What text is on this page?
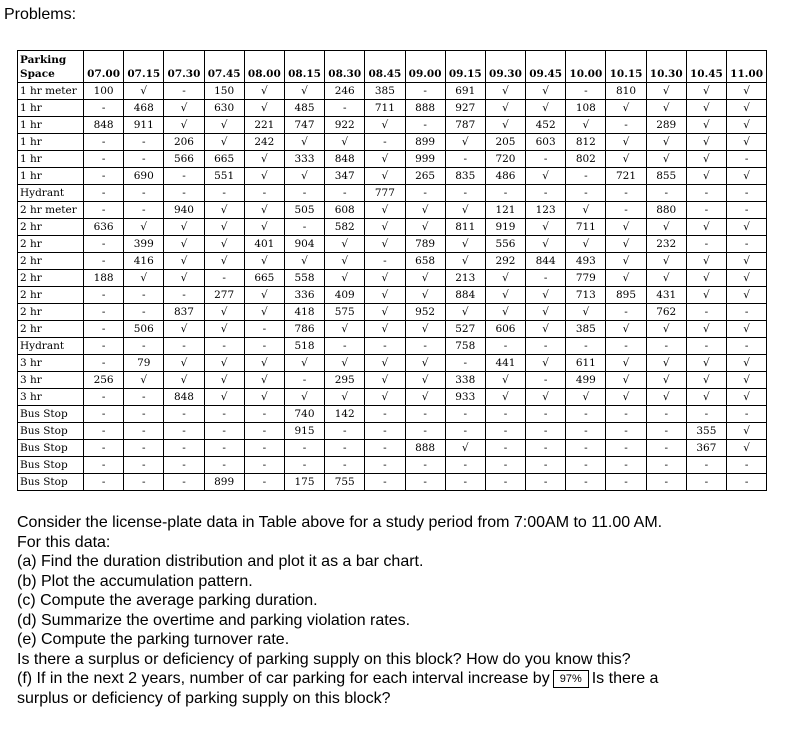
Problems:
Parking
Space	07.00	07.15	07.30	07.45	08.00	08.15	08.30	08.45	09.00	09.15	09.30	09.45	10.00	10.15	10.30	10.45	11.00
1 hr meter	100	√	-	150	√	√	246	385	-	691	√	√	-	810	√	√	√
1 hr	-	468	√	630	√	485	-	711	888	927	√	√	108	√	√	√	√
1 hr	848	911	√	√	221	747	922	√	-	787	√	452	√	-	289	√	√
1 hr	-	-	206	√	242	√	√	-	899	√	205	603	812	√	√	√	√
1 hr	-	-	566	665	√	333	848	√	999	-	720	-	802	√	√	√	-
1 hr	-	690	-	551	√	√	347	√	265	835	486	√	-	721	855	√	√
Hydrant	-	-	-	-	-	-	-	777	-	-	-	-	-	-	-	-	-
2 hr meter	-	-	940	√	√	505	608	√	√	√	121	123	√	-	880	-	-
2 hr	636	√	√	√	√	-	582	√	√	811	919	√	711	√	√	√	√
2 hr	-	399	√	√	401	904	√	√	789	√	556	√	√	√	232	-	-
2 hr	-	416	√	√	√	√	√	-	658	√	292	844	493	√	√	√	√
2 hr	188	√	√	-	665	558	√	√	√	213	√	-	779	√	√	√	√
2 hr	-	-	-	277	√	336	409	√	√	884	√	√	713	895	431	√	√
2 hr	-	-	837	√	√	418	575	√	952	√	√	√	√	-	762	-	-
2 hr	-	506	√	√	-	786	√	√	√	527	606	√	385	√	√	√	√
Hydrant	-	-	-	-	-	518	-	-	-	758	-	-	-	-	-	-	-
3 hr	-	79	√	√	√	√	√	√	√	-	441	√	611	√	√	√	√
3 hr	256	√	√	√	√	-	295	√	√	338	√	-	499	√	√	√	√
3 hr	-	-	848	√	√	√	√	√	√	933	√	√	√	√	√	√	√
Bus Stop	-	-	-	-	-	740	142	-	-	-	-	-	-	-	-	-	-
Bus Stop	-	-	-	-	-	915	-	-	-	-	-	-	-	-	-	355	√
Bus Stop	-	-	-	-	-	-	-	-	888	√	-	-	-	-	-	367	√
Bus Stop	-	-	-	-	-	-	-	-	-	-	-	-	-	-	-	-	-
Bus Stop	-	-	-	899	-	175	755	-	-	-	-	-	-	-	-	-	-

Consider the license-plate data in Table above for a study period from 7:00AM to 11.00 AM.

For this data:

(a) Find the duration distribution and plot it as a bar chart.

(b) Plot the accumulation pattern.

(c) Compute the average parking duration.

(d) Summarize the overtime and parking violation rates.

(e) Compute the parking turnover rate.

Is there a surplus or deficiency of parking supply on this block? How do you know this?

(f) If in the next 2 years, number of car parking for each interval increase by 97% Is there a

surplus or deficiency of parking supply on this block?
